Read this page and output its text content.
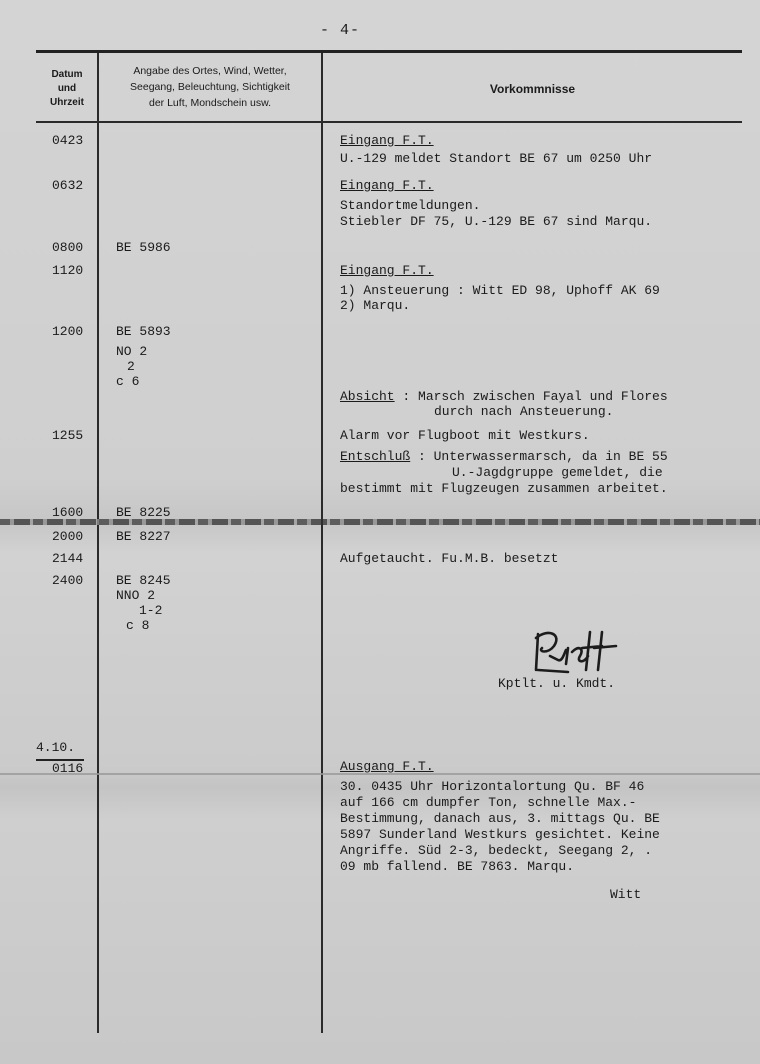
- 4-
Datum
und
Uhrzeit
Angabe des Ortes, Wind, Wetter,
Seegang, Beleuchtung, Sichtigkeit
der Luft, Mondschein usw.
Vorkommnisse
0423
0632
0800
1120
1200
1255
1600
2000
2144
2400
4.10.
0116
BE 5986
BE 5893
NO 2
2
c 6
BE 8225
BE 8227
BE 8245
NNO 2
1-2
c 8
Eingang F.T.
U.-129 meldet Standort BE 67 um 0250 Uhr
Eingang F.T.
Standortmeldungen.
Stiebler DF 75, U.-129 BE 67 sind Marqu.
Eingang F.T.
1) Ansteuerung : Witt ED 98, Uphoff AK 69
2) Marqu.
Absicht : Marsch zwischen Fayal und Flores
durch nach Ansteuerung.
Alarm vor Flugboot mit Westkurs.
Entschluß : Unterwassermarsch, da in BE 55
U.-Jagdgruppe gemeldet, die
bestimmt mit Flugzeugen zusammen arbeitet.
Aufgetaucht. Fu.M.B. besetzt
Kptlt. u. Kmdt.
Ausgang F.T.
30. 0435 Uhr Horizontalortung Qu. BF 46
auf 166 cm dumpfer Ton, schnelle Max.-
Bestimmung, danach aus, 3. mittags Qu. BE
5897 Sunderland Westkurs gesichtet. Keine
Angriffe. Süd 2-3, bedeckt, Seegang 2, .
09 mb fallend. BE 7863. Marqu.
Witt
